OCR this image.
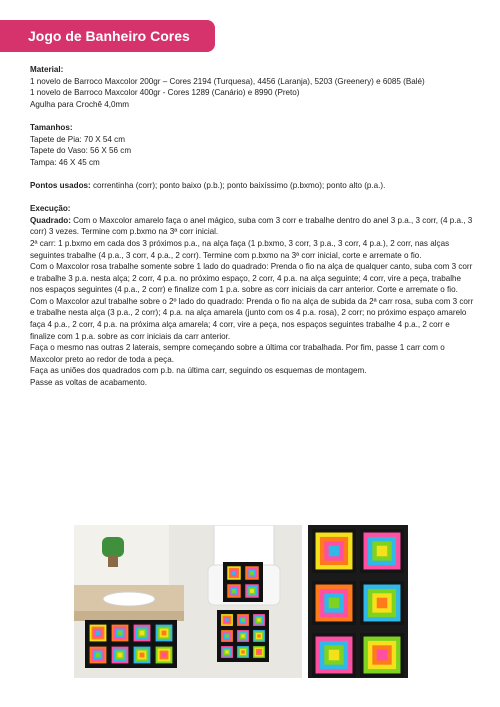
Jogo de Banheiro Cores

Material:

1 novelo de Barroco Maxcolor 200gr – Cores 2194 (Turquesa), 4456 (Laranja), 5203 (Greenery) e 6085 (Balé)

1 novelo de Barroco Maxcolor 400gr - Cores 1289 (Canário) e 8990 (Preto)

Agulha para Crochê 4,0mm

Tamanhos:

Tapete de Pia: 70 X 54 cm

Tapete do Vaso: 56 X 56 cm

Tampa: 46 X 45 cm

Pontos usados: correntinha (corr); ponto baixo (p.b.); ponto baixíssimo (p.bxmo); ponto alto (p.a.).

Execução:

Quadrado: Com o Maxcolor amarelo faça o anel mágico, suba com 3 corr e trabalhe dentro do anel 3 p.a., 3 corr, (4 p.a., 3 corr) 3 vezes. Termine com p.bxmo na 3ª corr inicial.

2ª carr: 1 p.bxmo em cada dos 3 próximos p.a., na alça faça (1 p.bxmo, 3 corr, 3 p.a., 3 corr, 4 p.a.), 2 corr, nas alças seguintes trabalhe (4 p.a., 3 corr, 4 p.a., 2 corr). Termine com p.bxmo na 3ª corr inicial, corte e arremate o fio.

Com o Maxcolor rosa trabalhe somente sobre 1 lado do quadrado: Prenda o fio na alça de qualquer canto, suba com 3 corr e trabalhe 3 p.a. nesta alça; 2 corr, 4 p.a. no próximo espaço, 2 corr, 4 p.a. na alça seguinte; 4 corr, vire a peça, trabalhe nos espaços seguintes (4 p.a., 2 corr) e finalize com 1 p.a. sobre as corr iniciais da carr anterior. Corte e arremate o fio.

Com o Maxcolor azul trabalhe sobre o 2º lado do quadrado: Prenda o fio na alça de subida da 2ª carr rosa, suba com 3 corr e trabalhe nesta alça (3 p.a., 2 corr); 4 p.a. na alça amarela (junto com os 4 p.a. rosa), 2 corr; no próximo espaço amarelo faça 4 p.a., 2 corr, 4 p.a. na próxima alça amarela; 4 corr, vire a peça, nos espaços seguintes trabalhe 4 p.a., 2 corr e finalize com 1 p.a. sobre as corr iniciais da carr anterior.

Faça o mesmo nas outras 2 laterais, sempre começando sobre a última cor trabalhada. Por fim, passe 1 carr com o Maxcolor preto ao redor de toda a peça.

Faça as uniões dos quadrados com p.b. na última carr, seguindo os esquemas de montagem.

Passe as voltas de acabamento.
